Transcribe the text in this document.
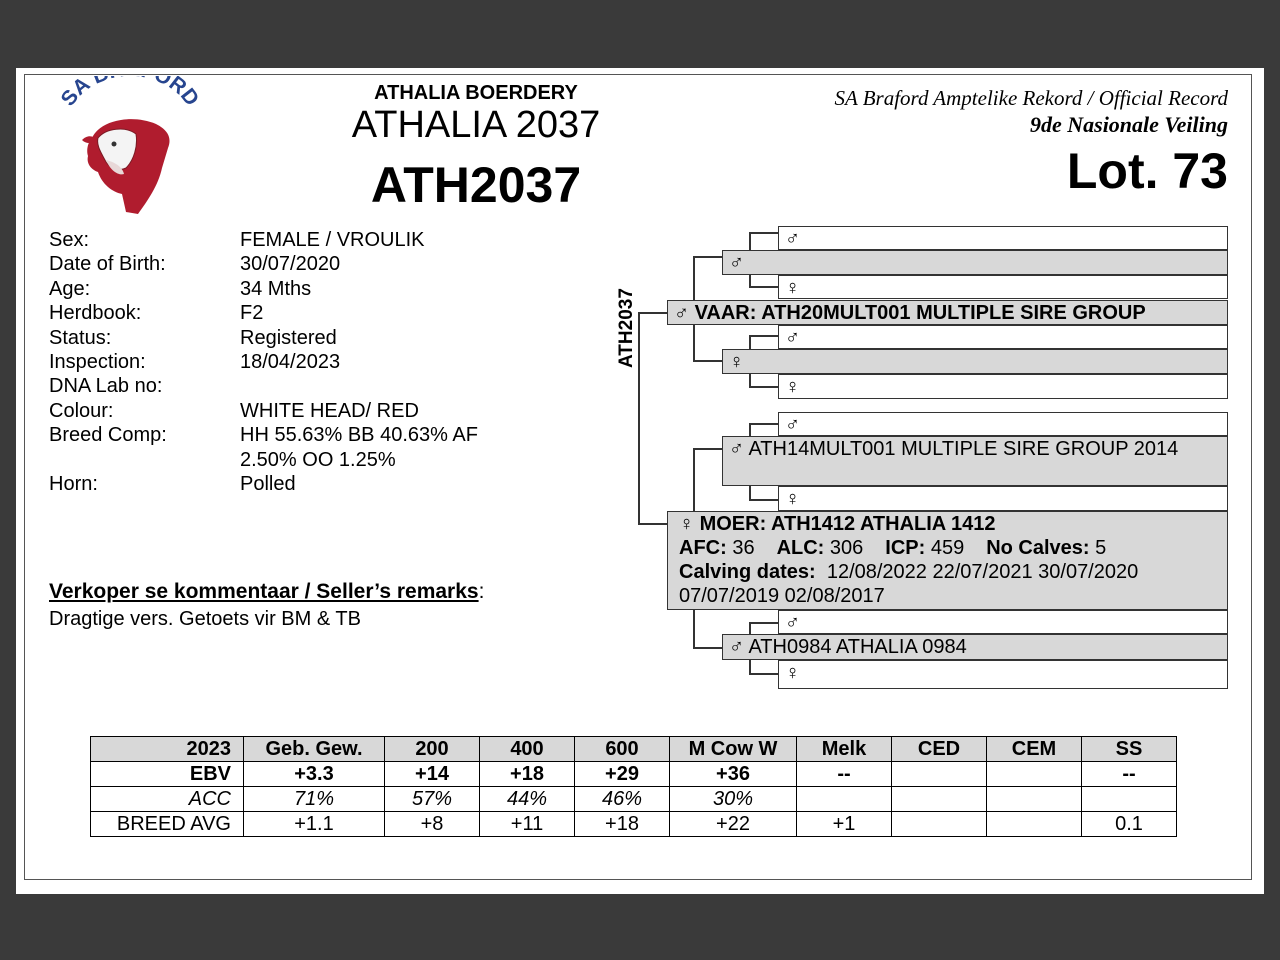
SA ORD	ATHALIA BOERDERY
ATHALIA 2037
ATH2037
SA Braford Amptelike Rekord / Official Record
9de Nasionale Veiling
Lot. 73
Sex:	FEMALE / VROULIK
Date of Birth:	30/07/2020
Age:	34 Mths
Herdbook:	F2
Status:	Registered
Inspection:	18/04/2023
DNA Lab no:
Colour:	WHITE HEAD/ RED
Breed Comp:	HH 55.63% BB 40.63% AF 2.50% OO 1.25%
Horn:	Polled
Verkoper se kommentaar / Seller’s remarks:
Dragtige vers. Getoets vir BM & TB
ATH2037
♂
♂
♀
♂ VAAR: ATH20MULT001 MULTIPLE SIRE GROUP
♂
♀
♀
♂
♂ ATH14MULT001 MULTIPLE SIRE GROUP 2014
♀
♀ MOER: ATH1412 ATHALIA 1412
AFC: 36 ALC: 306 ICP: 459 No Calves: 5
Calving dates: 12/08/2022 22/07/2021 30/07/2020 07/07/2019 02/08/2017
♂
♂ ATH0984 ATHALIA 0984
♀
2023	Geb. Gew.	200	400	600	M Cow W	Melk	CED	CEM	SS
EBV	+3.3	+14	+18	+29	+36	--			--
ACC	71%	57%	44%	46%	30%				
BREED AVG	+1.1	+8	+11	+18	+22	+1			0.1
